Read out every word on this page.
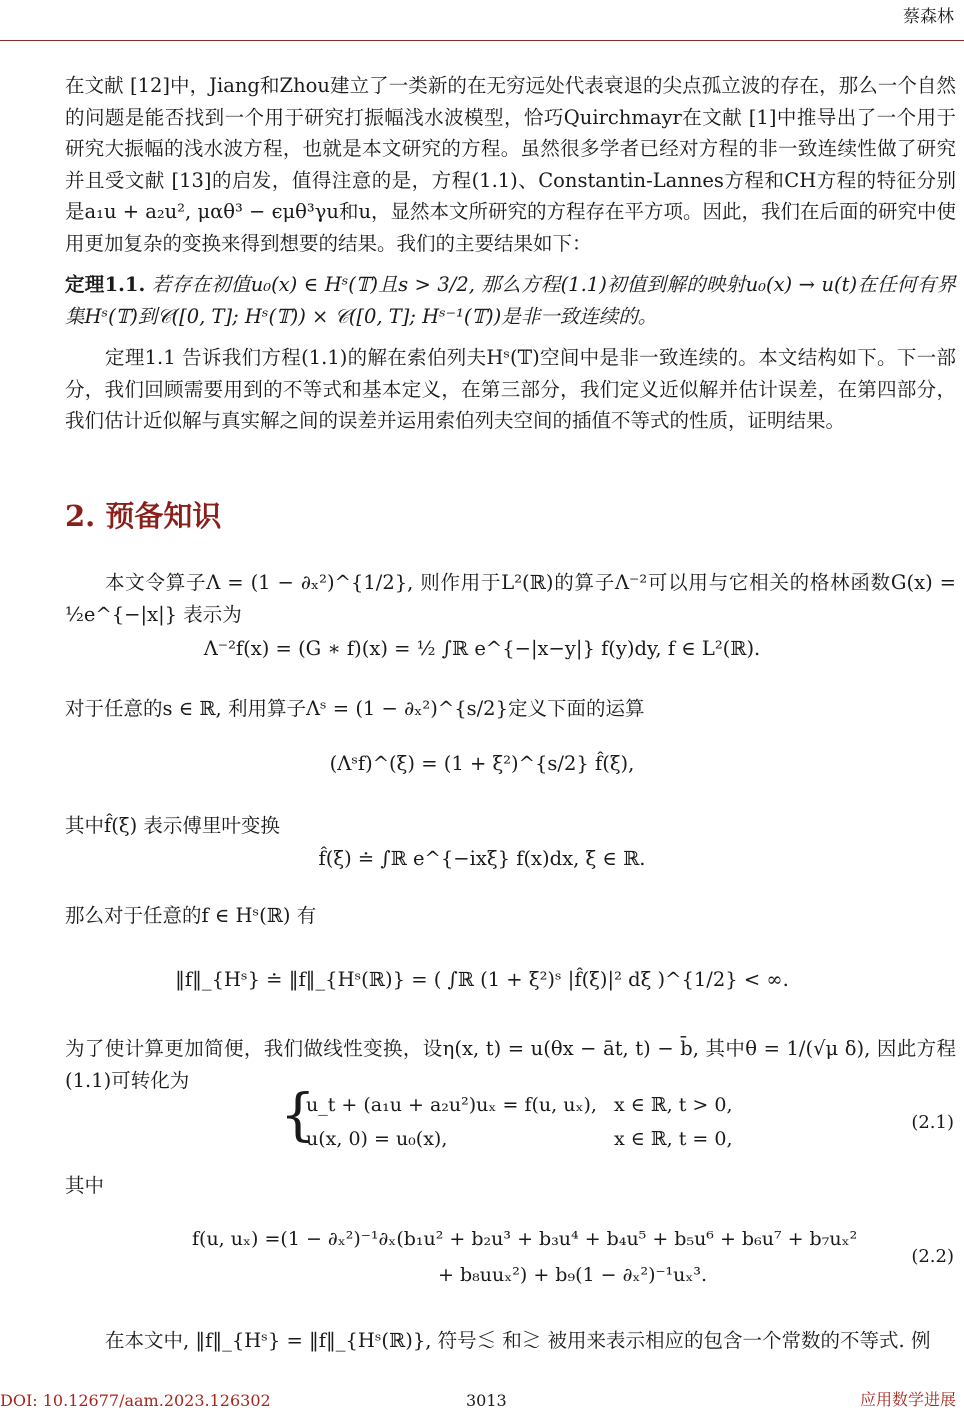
蔡森林

在文献 [12]中，Jiang和Zhou建立了一类新的在无穷远处代表衰退的尖点孤立波的存在，那么一个自然的问题是能否找到一个用于研究打振幅浅水波模型，恰巧Quirchmayr在文献 [1]中推导出了一个用于研究大振幅的浅水波方程，也就是本文研究的方程。虽然很多学者已经对方程的非一致连续性做了研究并且受文献 [13]的启发，值得注意的是，方程(1.1)、Constantin-Lannes方程和CH方程的特征分别是a₁u + a₂u², μαθ³ − ϵμθ³γu和u，显然本文所研究的方程存在平方项。因此，我们在后面的研究中使用更加复杂的变换来得到想要的结果。我们的主要结果如下：

定理1.1. 若存在初值u₀(x) ∈ Hˢ(𝕋)且s > 3/2, 那么方程(1.1)初值到解的映射u₀(x) → u(t)在任何有界集Hˢ(𝕋)到𝒞([0, T]; Hˢ(𝕋)) × 𝒞([0, T]; Hˢ⁻¹(𝕋))是非一致连续的。

定理1.1 告诉我们方程(1.1)的解在索伯列夫Hˢ(𝕋)空间中是非一致连续的。本文结构如下。下一部分，我们回顾需要用到的不等式和基本定义，在第三部分，我们定义近似解并估计误差，在第四部分，我们估计近似解与真实解之间的误差并运用索伯列夫空间的插值不等式的性质，证明结果。

2. 预备知识

本文令算子Λ = (1 − ∂ₓ²)^{1/2}, 则作用于L²(ℝ)的算子Λ⁻²可以用与它相关的格林函数G(x) = ½e^{−|x|} 表示为

Λ⁻²f(x) = (G ∗ f)(x) = ½ ∫ℝ e^{−|x−y|} f(y)dy, f ∈ L²(ℝ).

对于任意的s ∈ ℝ, 利用算子Λˢ = (1 − ∂ₓ²)^{s/2}定义下面的运算

(Λˢf)^(ξ) = (1 + ξ²)^{s/2} f̂(ξ),

其中f̂(ξ) 表示傅里叶变换

f̂(ξ) ≐ ∫ℝ e^{−ixξ} f(x)dx, ξ ∈ ℝ.

那么对于任意的f ∈ Hˢ(ℝ) 有

‖f‖_{Hˢ} ≐ ‖f‖_{Hˢ(ℝ)} = ( ∫ℝ (1 + ξ²)ˢ |f̂(ξ)|² dξ )^{1/2} < ∞.

为了使计算更加简便，我们做线性变换，设η(x, t) = u(θx − āt, t) − b̄, 其中θ = 1/(√μ δ), 因此方程(1.1)可转化为

{
u_t + (a₁u + a₂u²)uₓ = f(u, uₓ), x ∈ ℝ, t > 0,
u(x, 0) = u₀(x),	x ∈ ℝ, t = 0,
(2.1)

其中

f(u, uₓ) =(1 − ∂ₓ²)⁻¹∂ₓ(b₁u² + b₂u³ + b₃u⁴ + b₄u⁵ + b₅u⁶ + b₆u⁷ + b₇uₓ²
+ b₈uuₓ²) + b₉(1 − ∂ₓ²)⁻¹uₓ³.
(2.2)

在本文中, ‖f‖_{Hˢ} = ‖f‖_{Hˢ(ℝ)}, 符号≲ 和≳ 被用来表示相应的包含一个常数的不等式. 例

DOI: 10.12677/aam.2023.126302	3013	应用数学进展
